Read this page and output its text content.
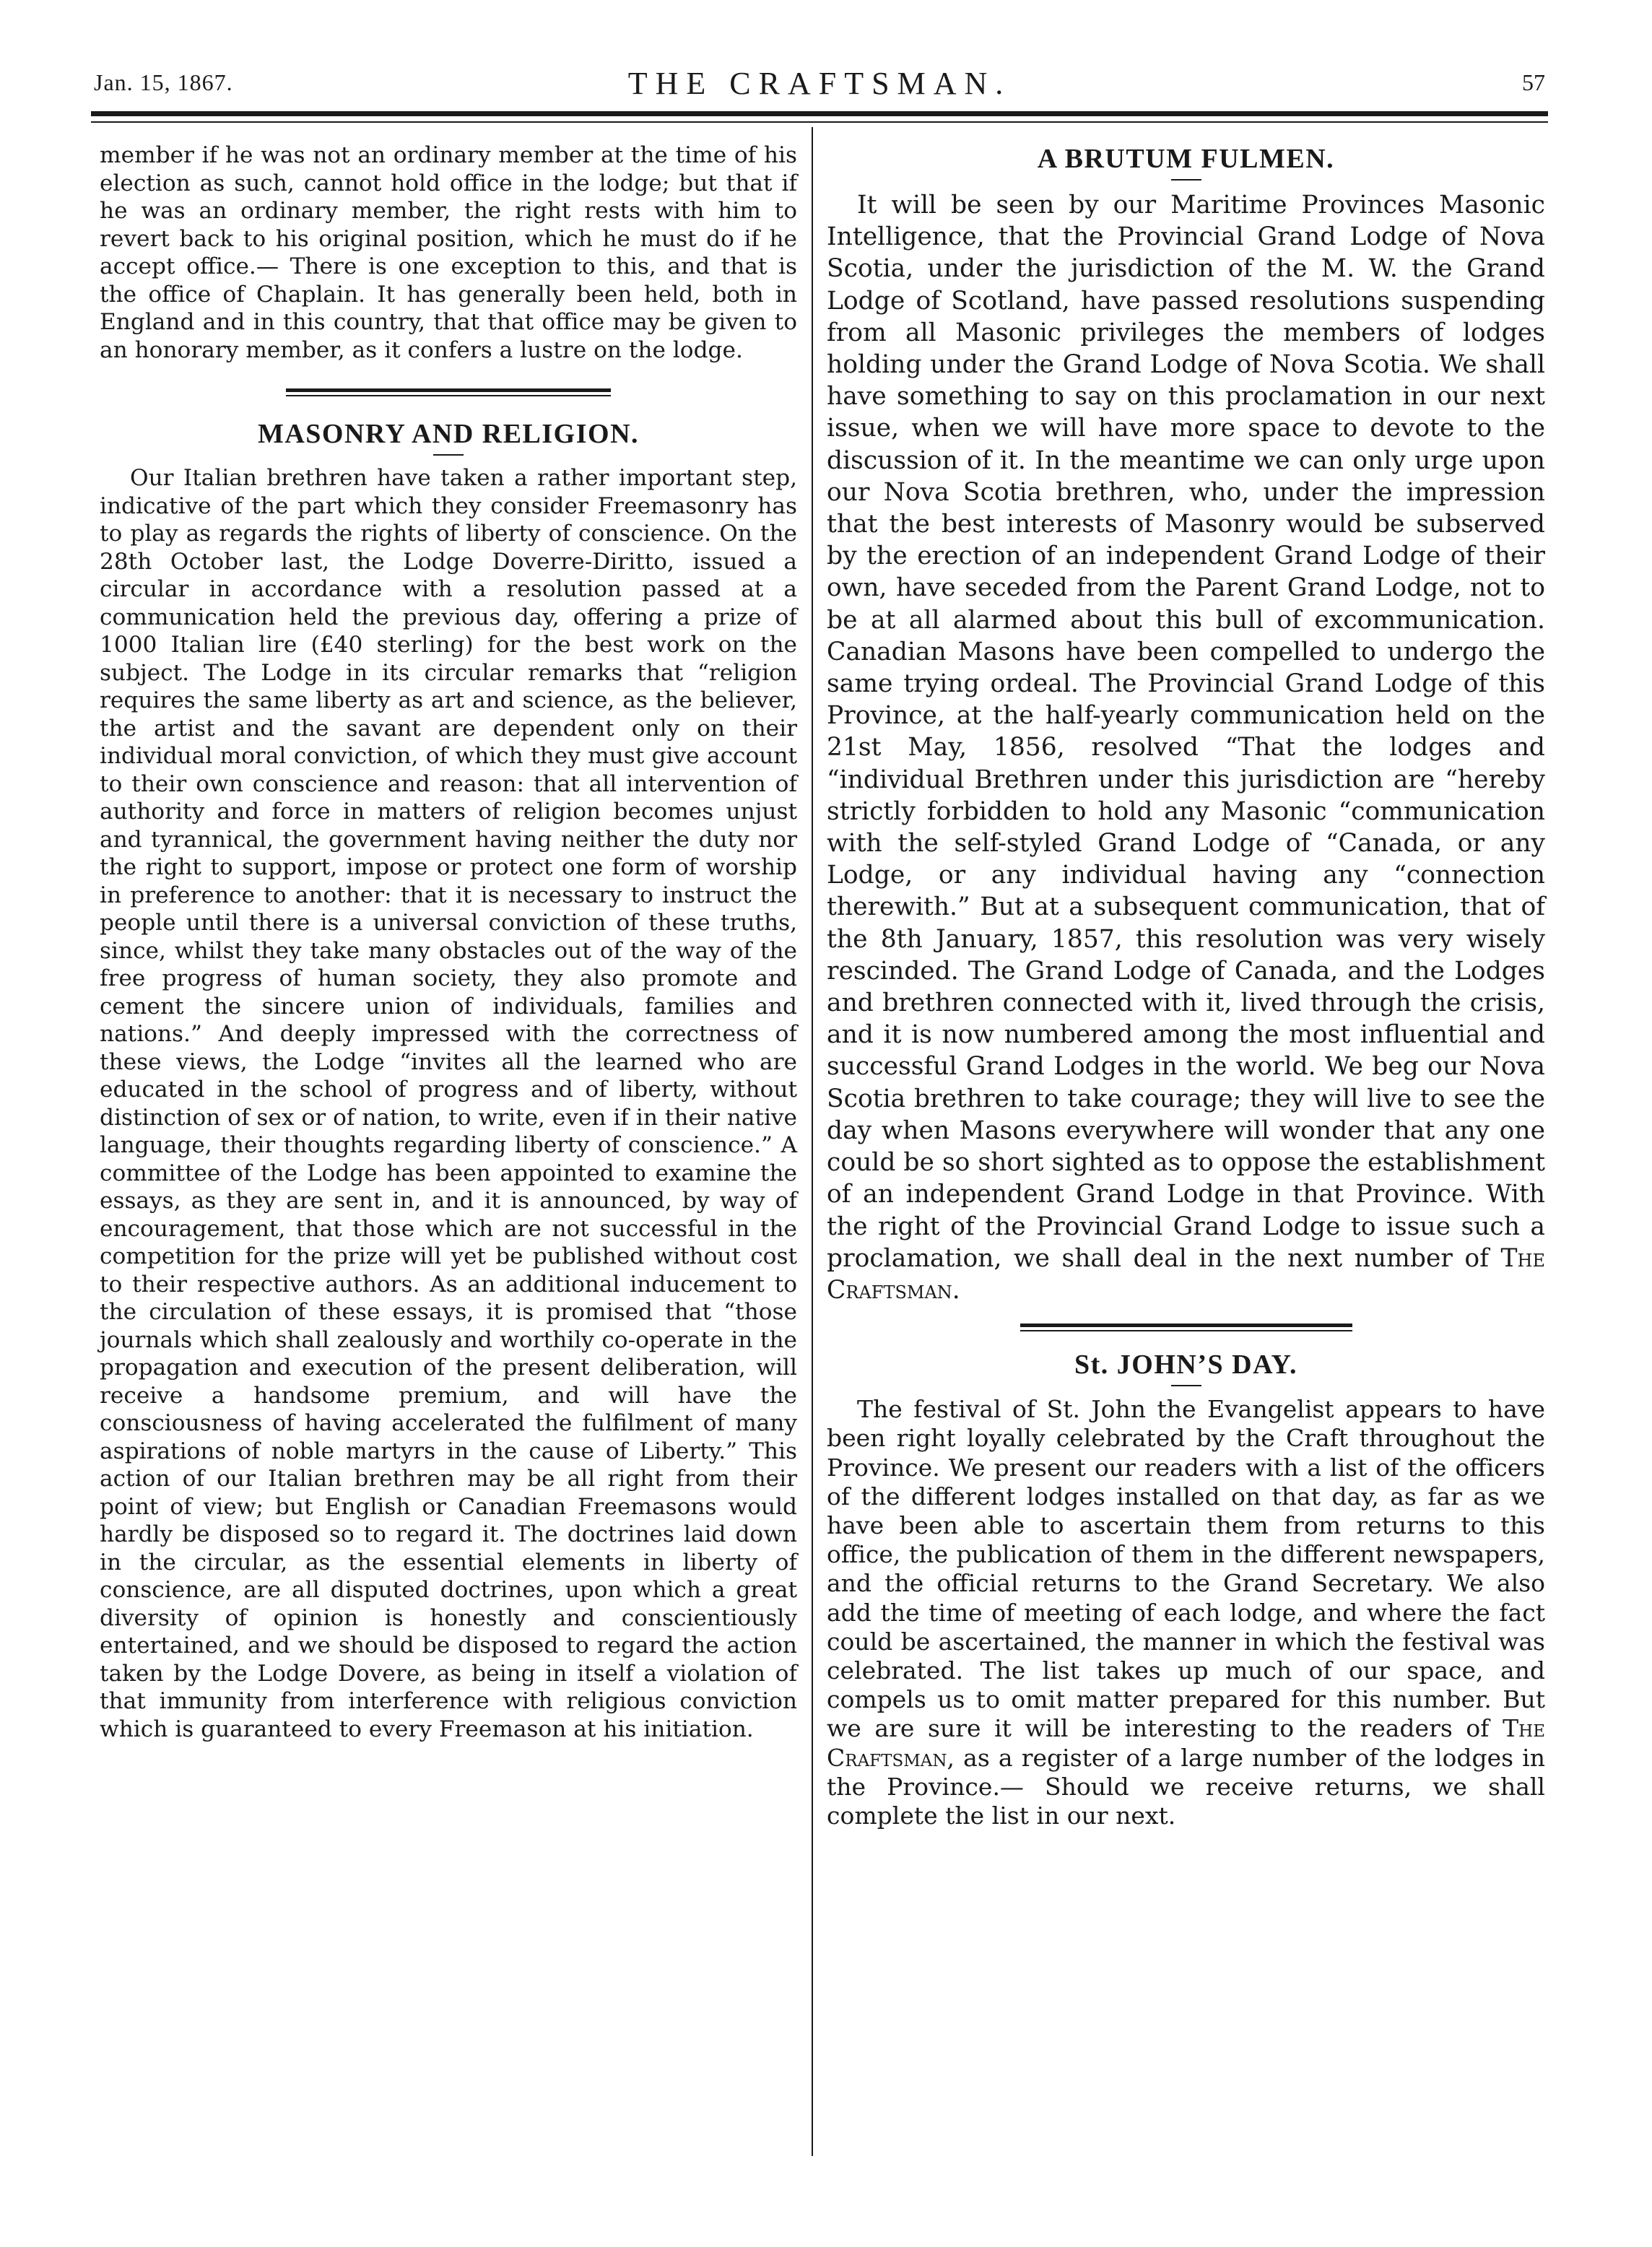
Jan. 15, 1867.	THE CRAFTSMAN.	57

member if he was not an ordinary member at the time of his election as such, cannot hold office in the lodge; but that if he was an ordinary member, the right rests with him to revert back to his original position, which he must do if he accept office.— There is one exception to this, and that is the office of Chaplain. It has generally been held, both in England and in this country, that that office may be given to an honorary member, as it confers a lustre on the lodge.

MASONRY AND RELIGION.

Our Italian brethren have taken a rather important step, indicative of the part which they consider Freemasonry has to play as regards the rights of liberty of conscience. On the 28th October last, the Lodge Doverre-Diritto, issued a circular in accordance with a resolution passed at a communication held the previous day, offering a prize of 1000 Italian lire (£40 sterling) for the best work on the subject. The Lodge in its circular remarks that “religion requires the same liberty as art and science, as the believer, the artist and the savant are dependent only on their individual moral conviction, of which they must give account to their own conscience and reason: that all intervention of authority and force in matters of religion becomes unjust and tyrannical, the government having neither the duty nor the right to support, impose or protect one form of worship in preference to another: that it is necessary to instruct the people until there is a universal conviction of these truths, since, whilst they take many obstacles out of the way of the free progress of human society, they also promote and cement the sincere union of individuals, families and nations.” And deeply impressed with the correctness of these views, the Lodge “invites all the learned who are educated in the school of progress and of liberty, without distinction of sex or of nation, to write, even if in their native language, their thoughts regarding liberty of conscience.” A committee of the Lodge has been appointed to examine the essays, as they are sent in, and it is announced, by way of encouragement, that those which are not successful in the competition for the prize will yet be published without cost to their respective authors. As an additional inducement to the circulation of these essays, it is promised that “those journals which shall zealously and worthily co-operate in the propagation and execution of the present deliberation, will receive a handsome premium, and will have the consciousness of having accelerated the fulfilment of many aspirations of noble martyrs in the cause of Liberty.” This action of our Italian brethren may be all right from their point of view; but English or Canadian Freemasons would hardly be disposed so to regard it. The doctrines laid down in the circular, as the essential elements in liberty of conscience, are all disputed doctrines, upon which a great diversity of opinion is honestly and conscientiously entertained, and we should be disposed to regard the action taken by the Lodge Dovere, as being in itself a violation of that immunity from interference with religious conviction which is guaranteed to every Freemason at his initiation.

A BRUTUM FULMEN.

It will be seen by our Maritime Provinces Masonic Intelligence, that the Provincial Grand Lodge of Nova Scotia, under the jurisdiction of the M. W. the Grand Lodge of Scotland, have passed resolutions suspending from all Masonic privileges the members of lodges holding under the Grand Lodge of Nova Scotia. We shall have something to say on this proclamation in our next issue, when we will have more space to devote to the discussion of it. In the meantime we can only urge upon our Nova Scotia brethren, who, under the impression that the best interests of Masonry would be subserved by the erection of an independent Grand Lodge of their own, have seceded from the Parent Grand Lodge, not to be at all alarmed about this bull of excommunication. Canadian Masons have been compelled to undergo the same trying ordeal. The Provincial Grand Lodge of this Province, at the half-yearly communication held on the 21st May, 1856, resolved “That the lodges and “individual Brethren under this jurisdiction are “hereby strictly forbidden to hold any Masonic “communication with the self-styled Grand Lodge of “Canada, or any Lodge, or any individual having any “connection therewith.” But at a subsequent communication, that of the 8th January, 1857, this resolution was very wisely rescinded. The Grand Lodge of Canada, and the Lodges and brethren connected with it, lived through the crisis, and it is now numbered among the most influential and successful Grand Lodges in the world. We beg our Nova Scotia brethren to take courage; they will live to see the day when Masons everywhere will wonder that any one could be so short sighted as to oppose the establishment of an independent Grand Lodge in that Province. With the right of the Provincial Grand Lodge to issue such a proclamation, we shall deal in the next number of The Craftsman.

St. JOHN’S DAY.

The festival of St. John the Evangelist appears to have been right loyally celebrated by the Craft throughout the Province. We present our readers with a list of the officers of the different lodges installed on that day, as far as we have been able to ascertain them from returns to this office, the publication of them in the different newspapers, and the official returns to the Grand Secretary. We also add the time of meeting of each lodge, and where the fact could be ascertained, the manner in which the festival was celebrated. The list takes up much of our space, and compels us to omit matter prepared for this number. But we are sure it will be interesting to the readers of The Craftsman, as a register of a large number of the lodges in the Province.— Should we receive returns, we shall complete the list in our next.
